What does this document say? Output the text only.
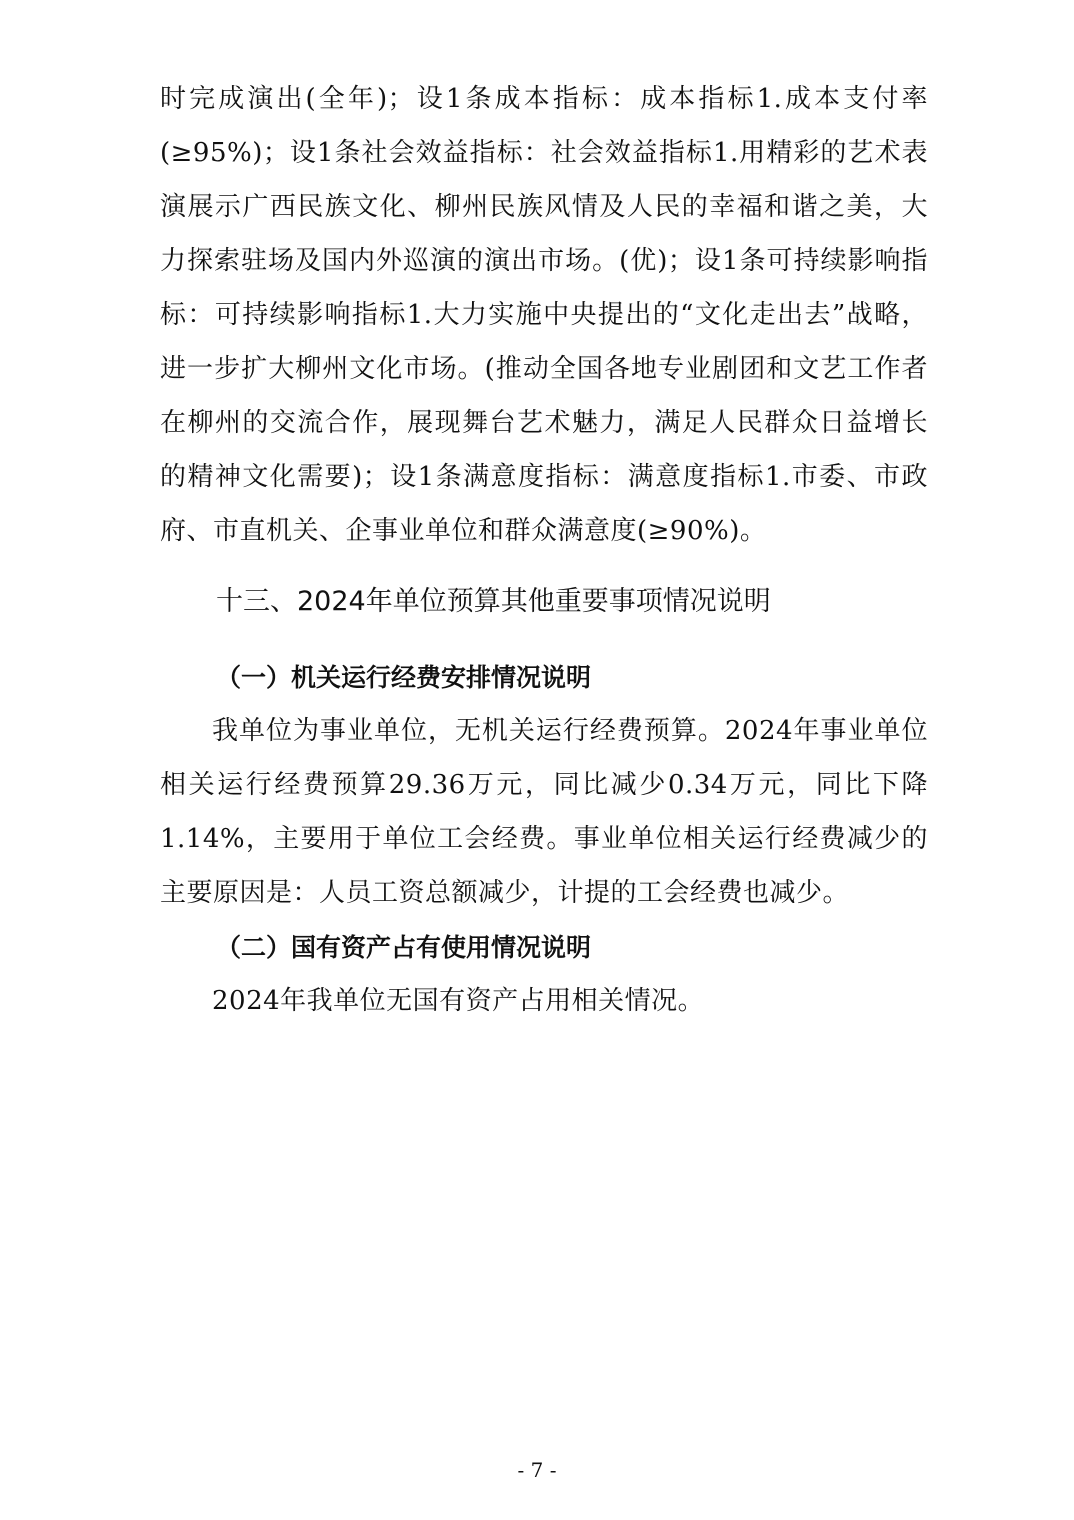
时完成演出(全年)；设1条成本指标：成本指标1.成本支付率(≥95%)；设1条社会效益指标：社会效益指标1.用精彩的艺术表演展示广西民族文化、柳州民族风情及人民的幸福和谐之美，大力探索驻场及国内外巡演的演出市场。(优)；设1条可持续影响指标：可持续影响指标1.大力实施中央提出的“文化走出去”战略，进一步扩大柳州文化市场。(推动全国各地专业剧团和文艺工作者在柳州的交流合作，展现舞台艺术魅力，满足人民群众日益增长的精神文化需要)；设1条满意度指标：满意度指标1.市委、市政府、市直机关、企事业单位和群众满意度(≥90%)。

十三、2024年单位预算其他重要事项情况说明
（一）机关运行经费安排情况说明

我单位为事业单位，无机关运行经费预算。2024年事业单位相关运行经费预算29.36万元，同比减少0.34万元，同比下降1.14%，主要用于单位工会经费。事业单位相关运行经费减少的主要原因是：人员工资总额减少，计提的工会经费也减少。

（二）国有资产占有使用情况说明

2024年我单位无国有资产占用相关情况。

- 7 -
